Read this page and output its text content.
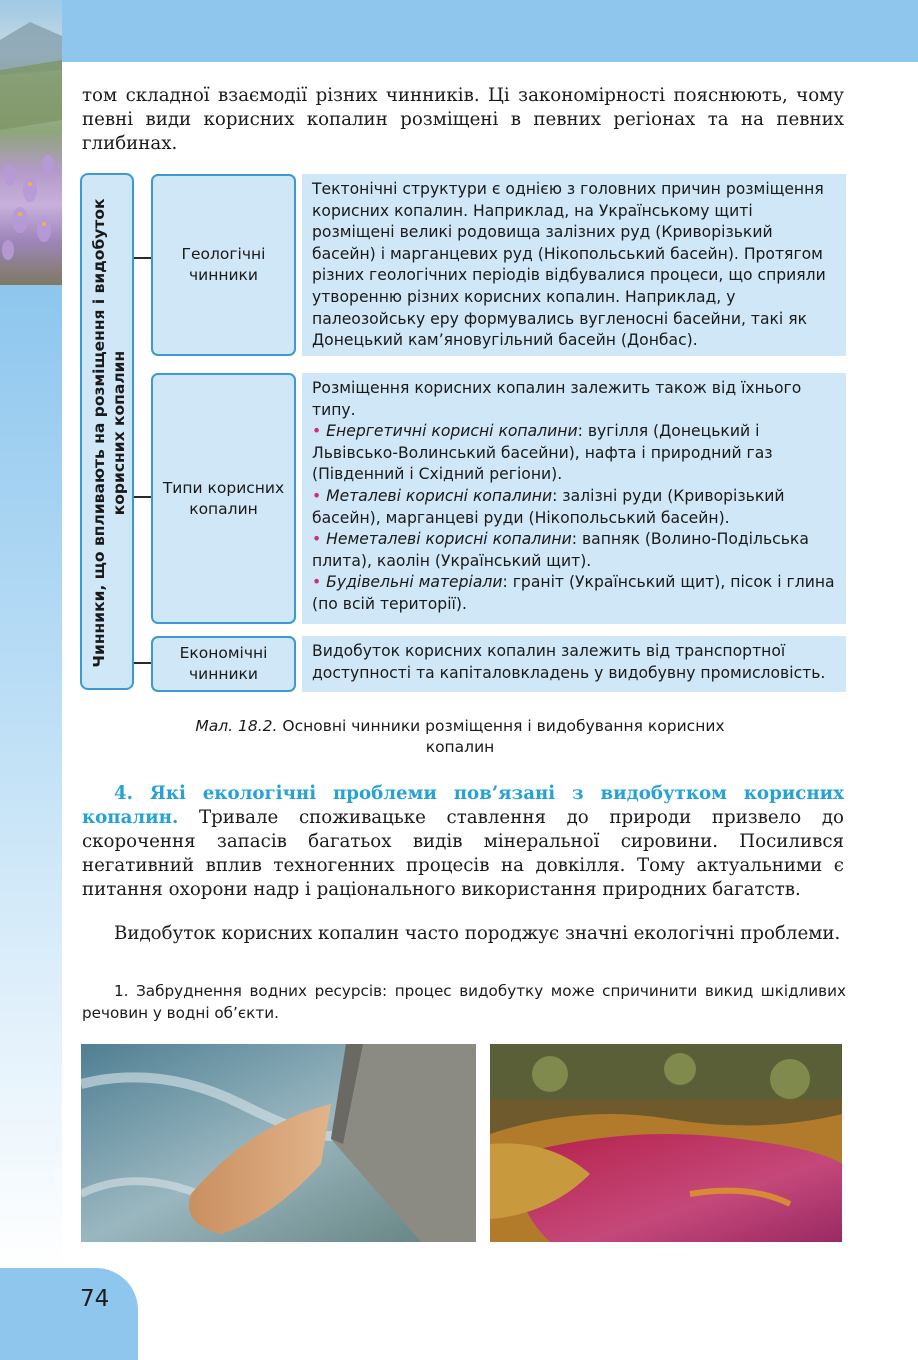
том складної взаємодії різних чинників. Ці закономірності пояснюють, чому певні види корисних копалин розміщені в певних регіонах та на певних глибинах.

Чинники, що впливають на розміщення і видобуток корисних копалин
Геологічні чинники

Тектонічні структури є однією з головних причин розміщення корисних копалин. Наприклад, на Українському щиті розміщені великі родовища залізних руд (Криворізький басейн) і марганцевих руд (Нікопольський басейн). Протягом різних геологічних періодів відбувалися процеси, що сприяли утворенню різних корисних копалин. Наприклад, у палеозойську еру формувались вугленосні басейни, такі як Донецький кам’яновугільний басейн (Донбас).

Типи корисних копалин

Розміщення корисних копалин залежить також від їхнього типу.

• Енергетичні корисні копалини: вугілля (Донецький і Львівсько-Волинський басейни), нафта і природний газ (Південний і Східний регіони).

• Металеві корисні копалини: залізні руди (Криворізький басейн), марганцеві руди (Нікопольський басейн).

• Неметалеві корисні копалини: вапняк (Волино-Подільська плита), каолін (Український щит).

• Будівельні матеріали: граніт (Український щит), пісок і глина (по всій території).

Економічні чинники

Видобуток корисних копалин залежить від транспортної доступності та капіталовкладень у видобувну промисловість.

Мал. 18.2. Основні чинники розміщення і видобування корисних копалин

4. Які екологічні проблеми пов’язані з видобутком корисних копалин. Тривале споживацьке ставлення до природи призвело до скорочення запасів багатьох видів мінеральної сировини. Посилився негативний вплив техногенних процесів на довкілля. Тому актуальними є питання охорони надр і раціонального використання природних багатств.

Видобуток корисних копалин часто породжує значні екологічні проблеми.

1. Забруднення водних ресурсів: процес видобутку може спричинити викид шкідливих речовин у водні об’єкти.

74
